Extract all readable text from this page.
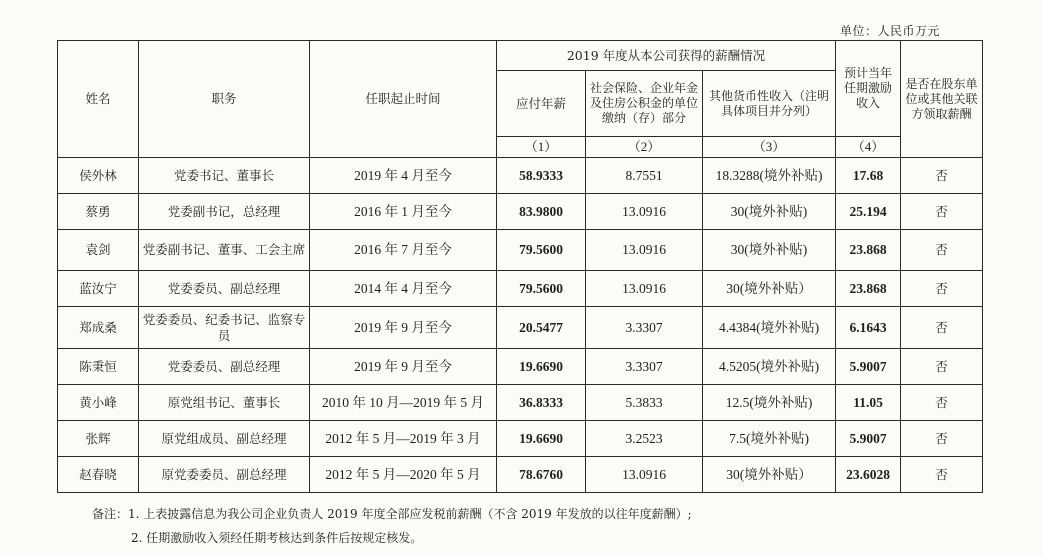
单位：人民币万元
姓名	职务	任职起止时间	2019 年度从本公司获得的薪酬情况			预计当年任期激励收入	是否在股东单位或其他关联方领取薪酬
			应付年薪	社会保险、企业年金及住房公积金的单位缴纳（存）部分	其他货币性收入（注明具体项目并分列）		
			（1）	（2）	（3）	（4）	
侯外林	党委书记、董事长	2019 年 4 月至今	58.9333	8.7551	18.3288(境外补贴)	17.68	否
蔡勇	党委副书记，总经理	2016 年 1 月至今	83.9800	13.0916	30(境外补贴)	25.194	否
袁剑	党委副书记、董事、工会主席	2016 年 7 月至今	79.5600	13.0916	30(境外补贴)	23.868	否
蓝汝宁	党委委员、副总经理	2014 年 4 月至今	79.5600	13.0916	30(境外补贴）	23.868	否
郑成桑	党委委员、纪委书记、监察专员	2019 年 9 月至今	20.5477	3.3307	4.4384(境外补贴)	6.1643	否
陈秉恒	党委委员、副总经理	2019 年 9 月至今	19.6690	3.3307	4.5205(境外补贴)	5.9007	否
黄小峰	原党组书记、董事长	2010 年 10 月—2019 年 5 月	36.8333	5.3833	12.5(境外补贴)	11.05	否
张辉	原党组成员、副总经理	2012 年 5 月—2019 年 3 月	19.6690	3.2523	7.5(境外补贴)	5.9007	否
赵春晓	原党委委员、副总经理	2012 年 5 月—2020 年 5 月	78.6760	13.0916	30(境外补贴）	23.6028	否
备注：1. 上表披露信息为我公司企业负责人 2019 年度全部应发税前薪酬（不含 2019 年发放的以往年度薪酬）;
2. 任期激励收入须经任期考核达到条件后按规定核发。
